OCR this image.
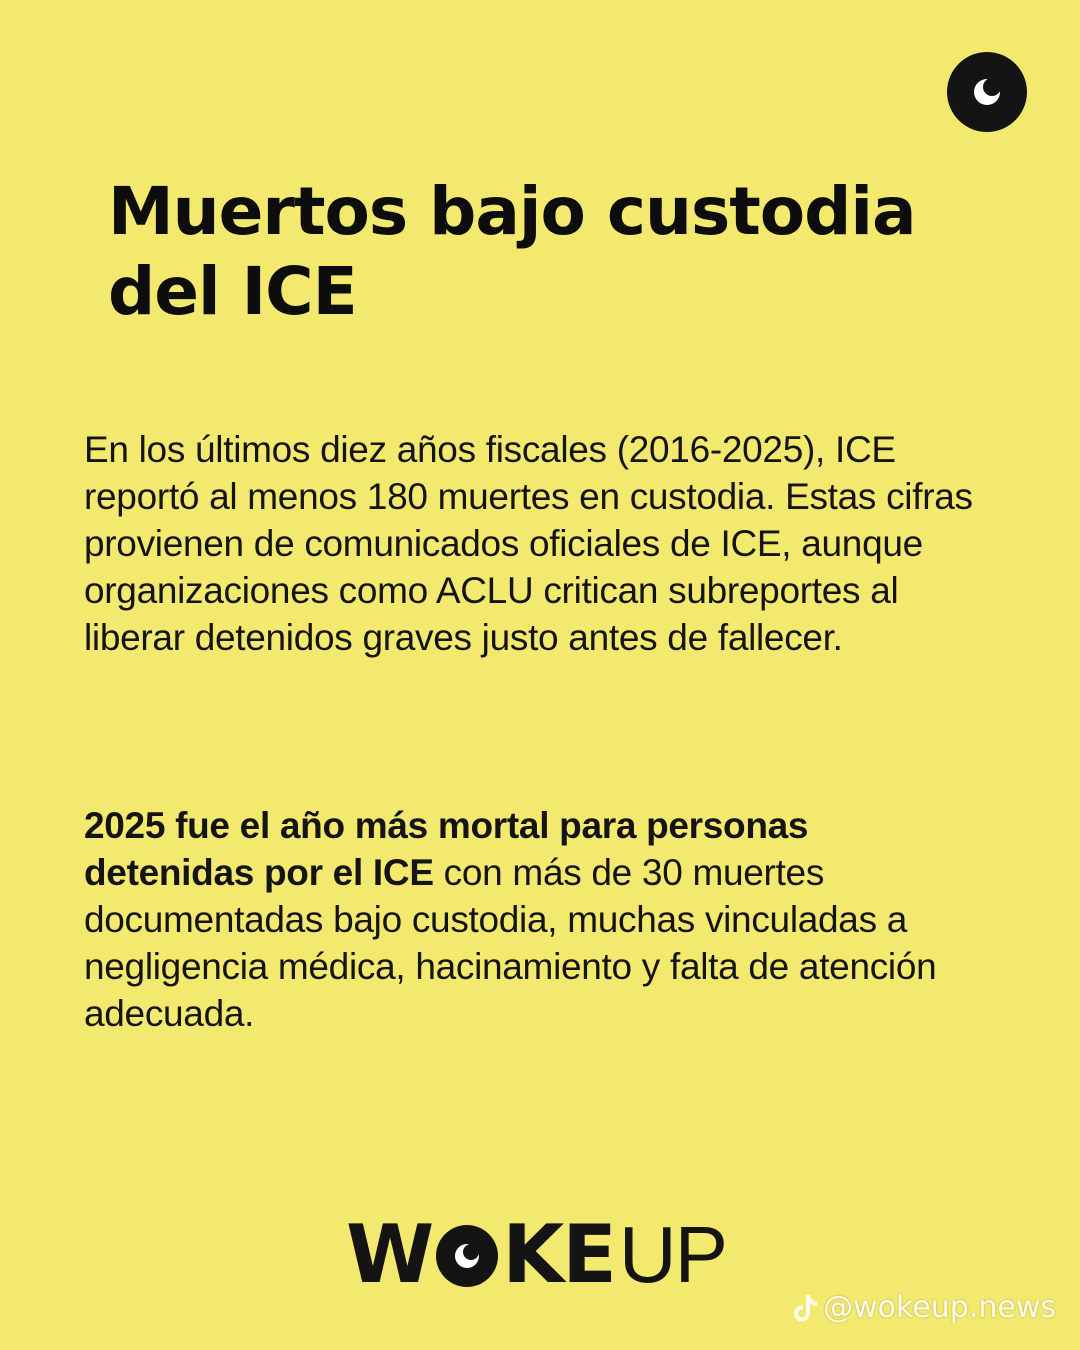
Muertos bajo custodia
del ICE

En los últimos diez años fiscales (2016-2025), ICE reportó al menos 180 muertes en custodia. Estas cifras provienen de comunicados oficiales de ICE, aunque organizaciones como ACLU critican subreportes al liberar detenidos graves justo antes de fallecer.

2025 fue el año más mortal para personas detenidas por el ICE con más de 30 muertes documentadas bajo custodia, muchas vinculadas a negligencia médica, hacinamiento y falta de atención adecuada.

W KE UP
@wokeup.news
